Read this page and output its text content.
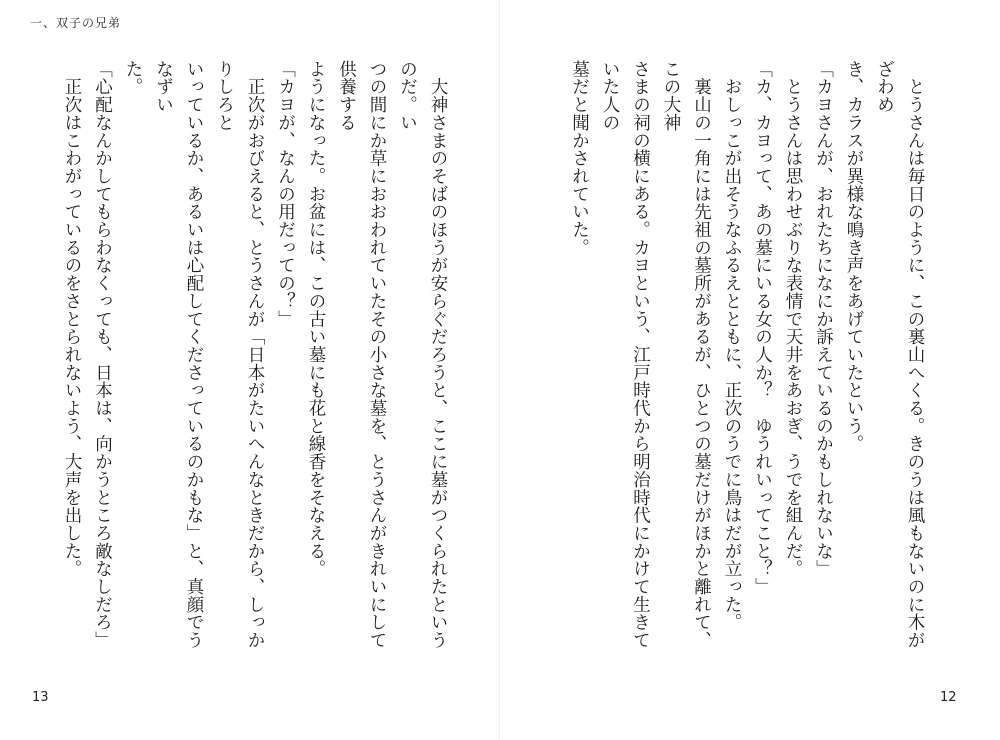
一、双子の兄弟

　とうさんは毎日のように、この裏山へくる。きのうは風もないのに木がざわめ

き、カラスが異様な鳴き声をあげていたという。

「カヨさんが、おれたちになにか訴えているのかもしれないな」

　とうさんは思わせぶりな表情で天井をあおぎ、うでを組んだ。

「カ、カヨって、あの墓にいる女の人か？　ゆうれいってこと？」

　おしっこが出そうなふるえとともに、正次のうでに鳥はだが立った。

　裏山の一角には先祖の墓所があるが、ひとつの墓だけがほかと離れて、この大神

さまの祠の横にある。カヨという、江戸時代から明治時代にかけて生きていた人の

墓だと聞かされていた。

　大神さまのそばのほうが安らぐだろうと、ここに墓がつくられたというのだ。い

つの間にか草におおわれていたその小さな墓を、とうさんがきれいにして供養する

ようになった。お盆には、この古い墓にも花と線香をそなえる。

「カヨが、なんの用だっての？」

　正次がおびえると、とうさんが「日本がたいへんなときだから、しっかりしろと

いっているか、あるいは心配してくださっているのかもな」と、真顔でうなずい

た。

「心配なんかしてもらわなくっても、日本は、向かうところ敵なしだろ」

　正次はこわがっているのをさとられないよう、大声を出した。

13	12
